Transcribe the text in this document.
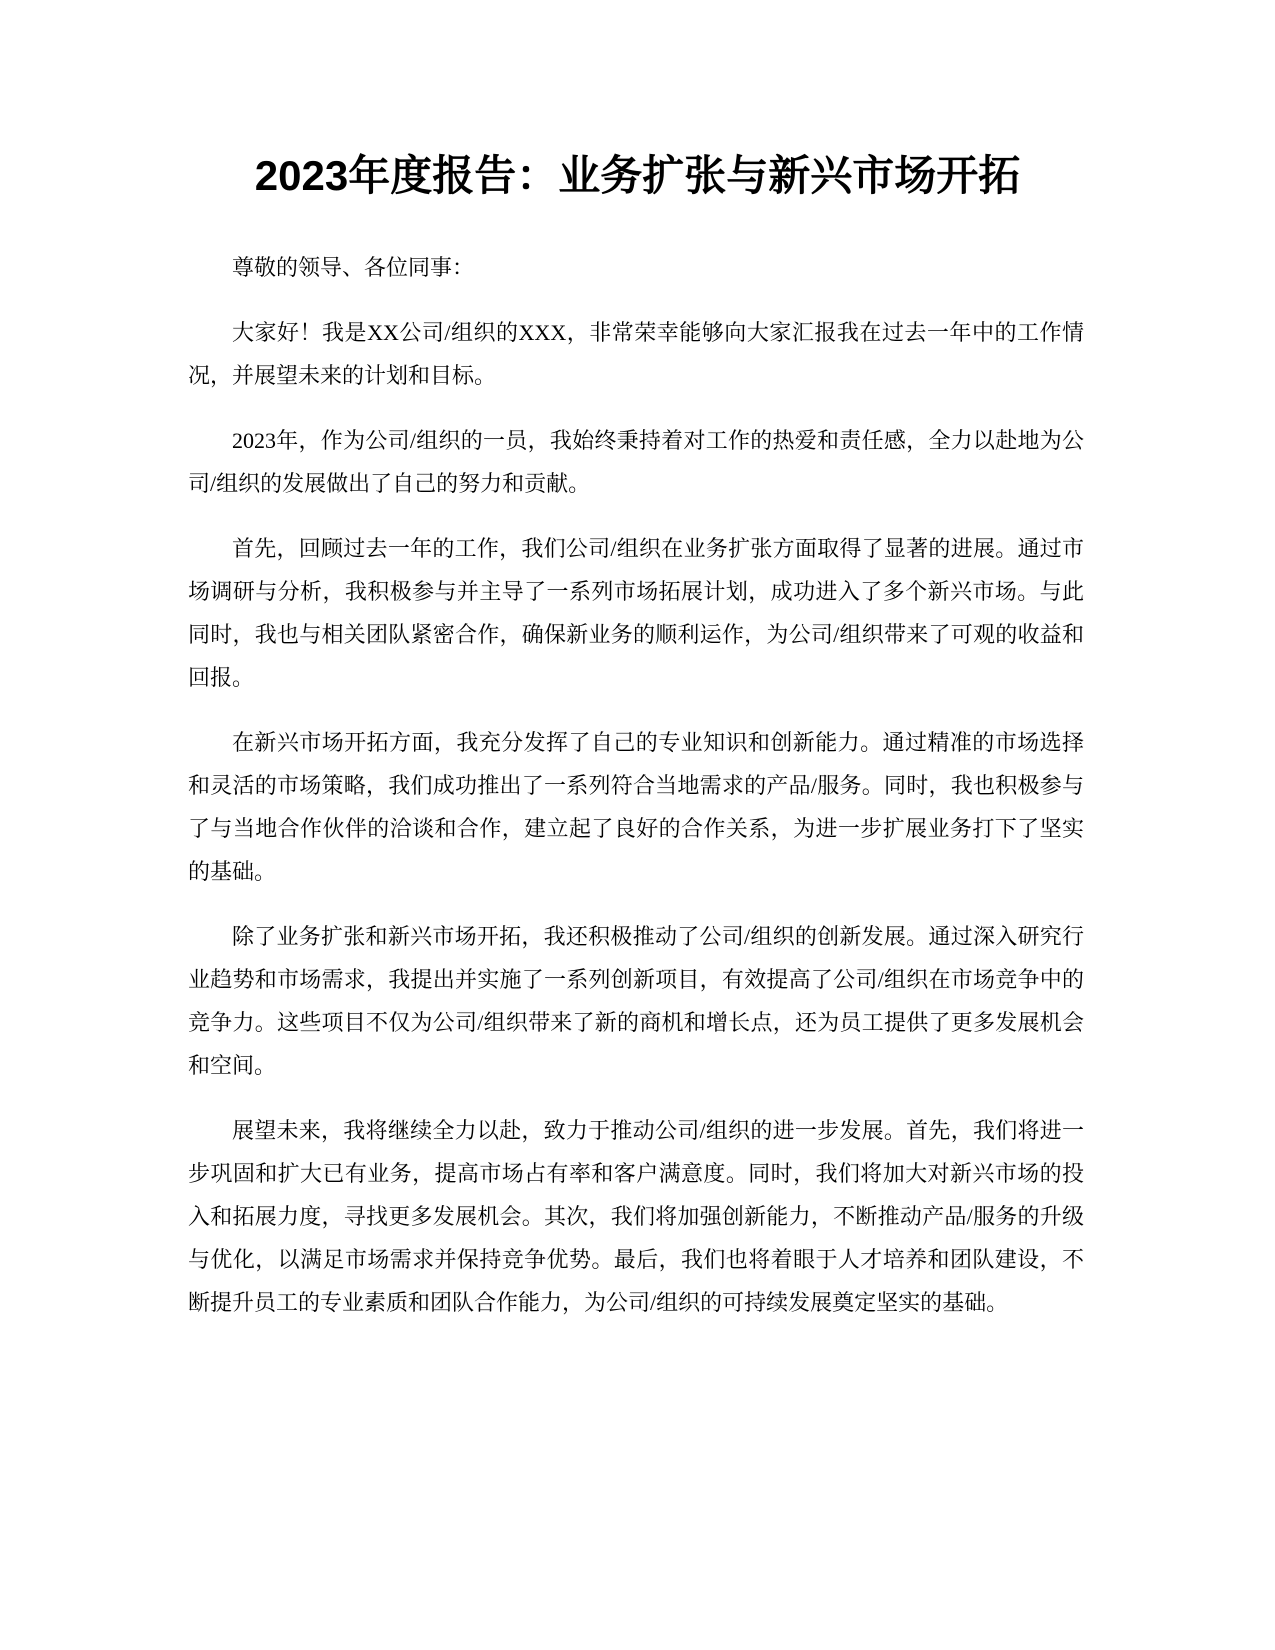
2023年度报告：业务扩张与新兴市场开拓

尊敬的领导、各位同事：

大家好！我是XX公司/组织的XXX，非常荣幸能够向大家汇报我在过去一年中的工作情况，并展望未来的计划和目标。

2023年，作为公司/组织的一员，我始终秉持着对工作的热爱和责任感，全力以赴地为公司/组织的发展做出了自己的努力和贡献。

首先，回顾过去一年的工作，我们公司/组织在业务扩张方面取得了显著的进展。通过市场调研与分析，我积极参与并主导了一系列市场拓展计划，成功进入了多个新兴市场。与此同时，我也与相关团队紧密合作，确保新业务的顺利运作，为公司/组织带来了可观的收益和回报。

在新兴市场开拓方面，我充分发挥了自己的专业知识和创新能力。通过精准的市场选择和灵活的市场策略，我们成功推出了一系列符合当地需求的产品/服务。同时，我也积极参与了与当地合作伙伴的洽谈和合作，建立起了良好的合作关系，为进一步扩展业务打下了坚实的基础。

除了业务扩张和新兴市场开拓，我还积极推动了公司/组织的创新发展。通过深入研究行业趋势和市场需求，我提出并实施了一系列创新项目，有效提高了公司/组织在市场竞争中的竞争力。这些项目不仅为公司/组织带来了新的商机和增长点，还为员工提供了更多发展机会和空间。

展望未来，我将继续全力以赴，致力于推动公司/组织的进一步发展。首先，我们将进一步巩固和扩大已有业务，提高市场占有率和客户满意度。同时，我们将加大对新兴市场的投入和拓展力度，寻找更多发展机会。其次，我们将加强创新能力，不断推动产品/服务的升级与优化，以满足市场需求并保持竞争优势。最后，我们也将着眼于人才培养和团队建设，不断提升员工的专业素质和团队合作能力，为公司/组织的可持续发展奠定坚实的基础。
